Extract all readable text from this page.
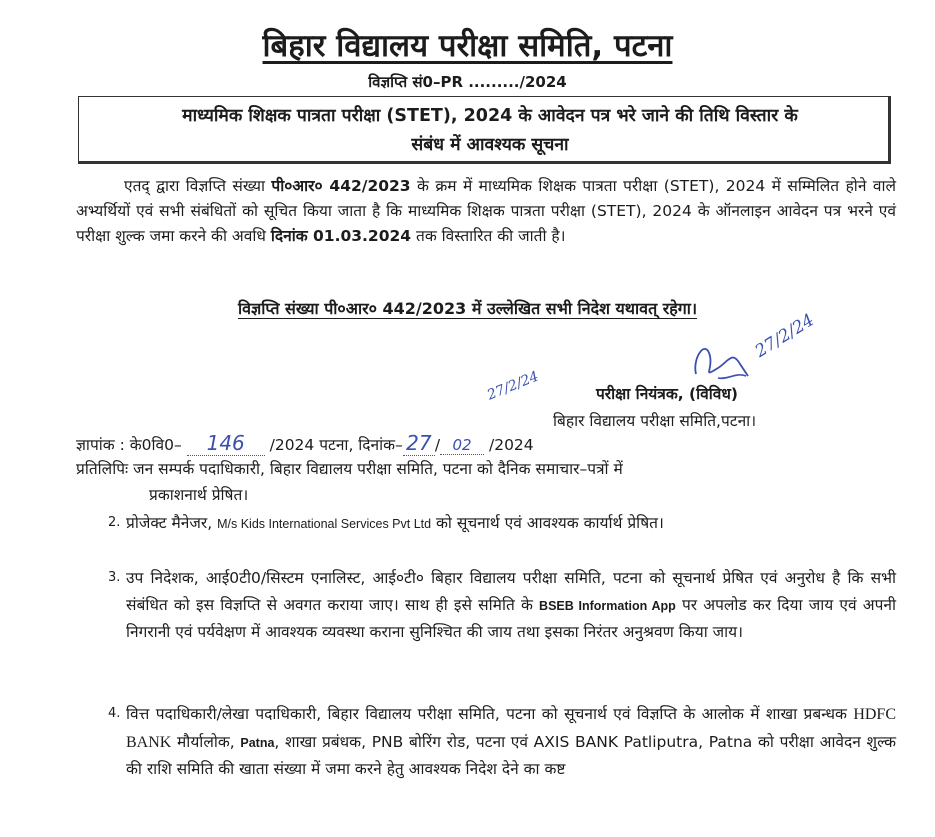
बिहार विद्यालय परीक्षा समिति, पटना
विज्ञप्ति सं0–PR ........./2024
माध्यमिक शिक्षक पात्रता परीक्षा (STET), 2024 के आवेदन पत्र भरे जाने की तिथि विस्तार के
संबंध में आवश्यक सूचना
एतद् द्वारा विज्ञप्ति संख्या पी०आर० 442/2023 के क्रम में माध्यमिक शिक्षक पात्रता परीक्षा (STET), 2024 में सम्मिलित होने वाले अभ्यर्थियों एवं सभी संबंधितों को सूचित किया जाता है कि माध्यमिक शिक्षक पात्रता परीक्षा (STET), 2024 के ऑनलाइन आवेदन पत्र भरने एवं परीक्षा शुल्क जमा करने की अवधि दिनांक 01.03.2024 तक विस्तारित की जाती है।
विज्ञप्ति संख्या पी०आर० 442/2023 में उल्लेखित सभी निदेश यथावत् रहेगा।
27/2/24
27/2/24	परीक्षा नियंत्रक, (विविध)
बिहार विद्यालय परीक्षा समिति,पटना।
ज्ञापांक : के0वि0– 146 /2024 पटना, दिनांक– 27 / 02 /2024
प्रतिलिपिः जन सम्पर्क पदाधिकारी, बिहार विद्यालय परीक्षा समिति, पटना को दैनिक समाचार–पत्रों में
प्रकाशनार्थ प्रेषित।
2. प्रोजेक्ट मैनेजर, M/s Kids International Services Pvt Ltd को सूचनार्थ एवं आवश्यक कार्यार्थ प्रेषित।
3. उप निदेशक, आई0टी0/सिस्टम एनालिस्ट, आई०टी० बिहार विद्यालय परीक्षा समिति, पटना को सूचनार्थ प्रेषित एवं अनुरोध है कि सभी संबंधित को इस विज्ञप्ति से अवगत कराया जाए। साथ ही इसे समिति के BSEB Information App पर अपलोड कर दिया जाय एवं अपनी निगरानी एवं पर्यवेक्षण में आवश्यक व्यवस्था कराना सुनिश्चित की जाय तथा इसका निरंतर अनुश्रवण किया जाय।
4. वित्त पदाधिकारी/लेखा पदाधिकारी, बिहार विद्यालय परीक्षा समिति, पटना को सूचनार्थ एवं विज्ञप्ति के आलोक में शाखा प्रबन्धक HDFC BANK मौर्यालोक, Patna, शाखा प्रबंधक, PNB बोरिंग रोड, पटना एवं AXIS BANK Patliputra, Patna को परीक्षा आवेदन शुल्क की राशि समिति की खाता संख्या में जमा करने हेतु आवश्यक निदेश देने का कष्ट
